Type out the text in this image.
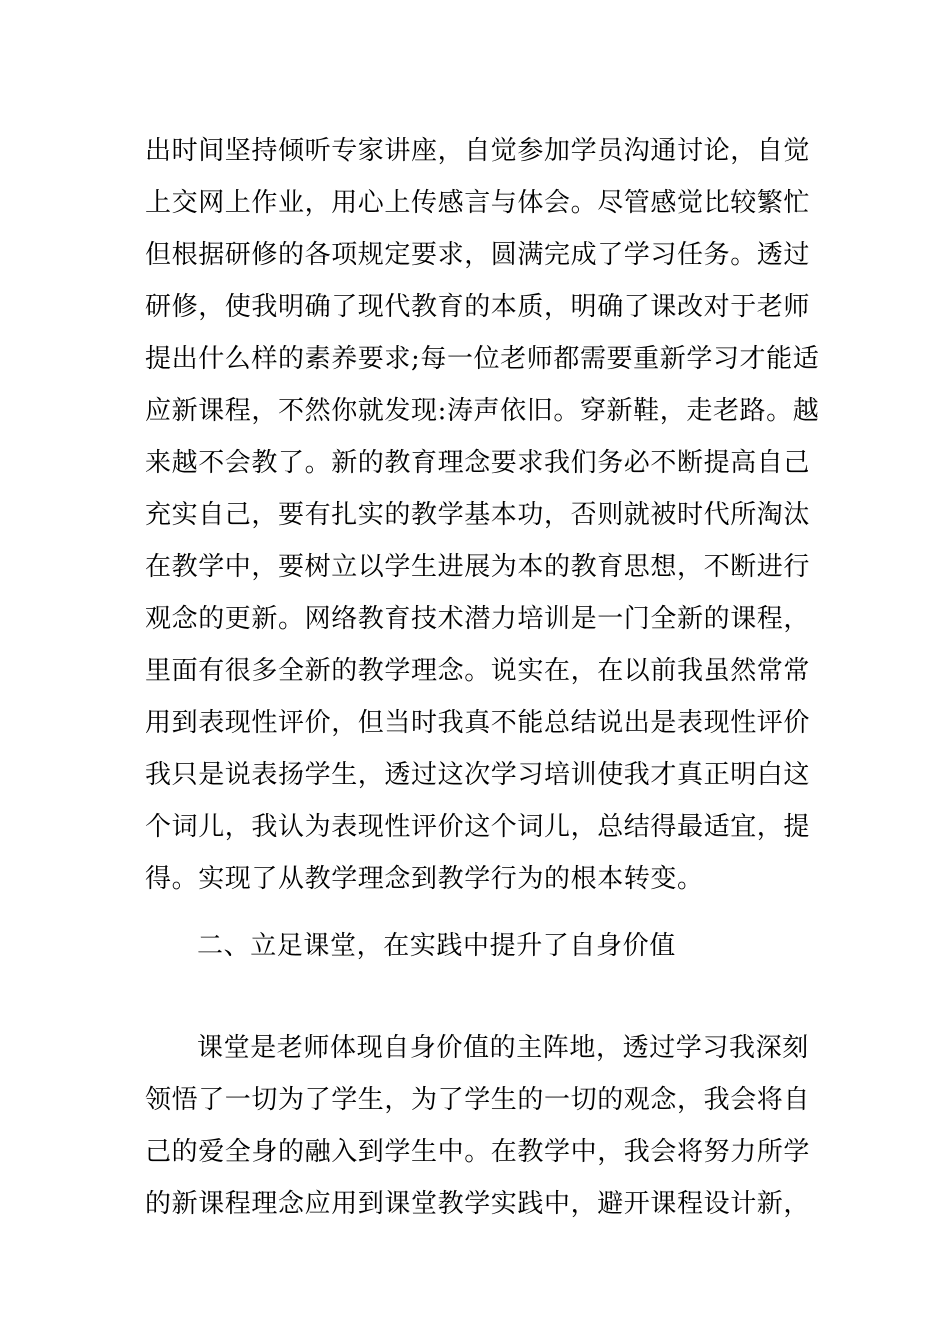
出时间坚持倾听专家讲座，自觉参加学员沟通讨论，自觉
上交网上作业，用心上传感言与体会。尽管感觉比较繁忙
但根据研修的各项规定要求，圆满完成了学习任务。透过
研修，使我明确了现代教育的本质，明确了课改对于老师
提出什么样的素养要求;每一位老师都需要重新学习才能适
应新课程，不然你就发现:涛声依旧。穿新鞋，走老路。越
来越不会教了。新的教育理念要求我们务必不断提高自己
充实自己，要有扎实的教学基本功，否则就被时代所淘汰
在教学中，要树立以学生进展为本的教育思想，不断进行
观念的更新。网络教育技术潜力培训是一门全新的课程，
里面有很多全新的教学理念。说实在，在以前我虽然常常
用到表现性评价，但当时我真不能总结说出是表现性评价
我只是说表扬学生，透过这次学习培训使我才真正明白这
个词儿，我认为表现性评价这个词儿，总结得最适宜，提
得。实现了从教学理念到教学行为的根本转变。
二、立足课堂，在实践中提升了自身价值
课堂是老师体现自身价值的主阵地，透过学习我深刻
领悟了一切为了学生，为了学生的一切的观念，我会将自
己的爱全身的融入到学生中。在教学中，我会将努力所学
的新课程理念应用到课堂教学实践中，避开课程设计新，
